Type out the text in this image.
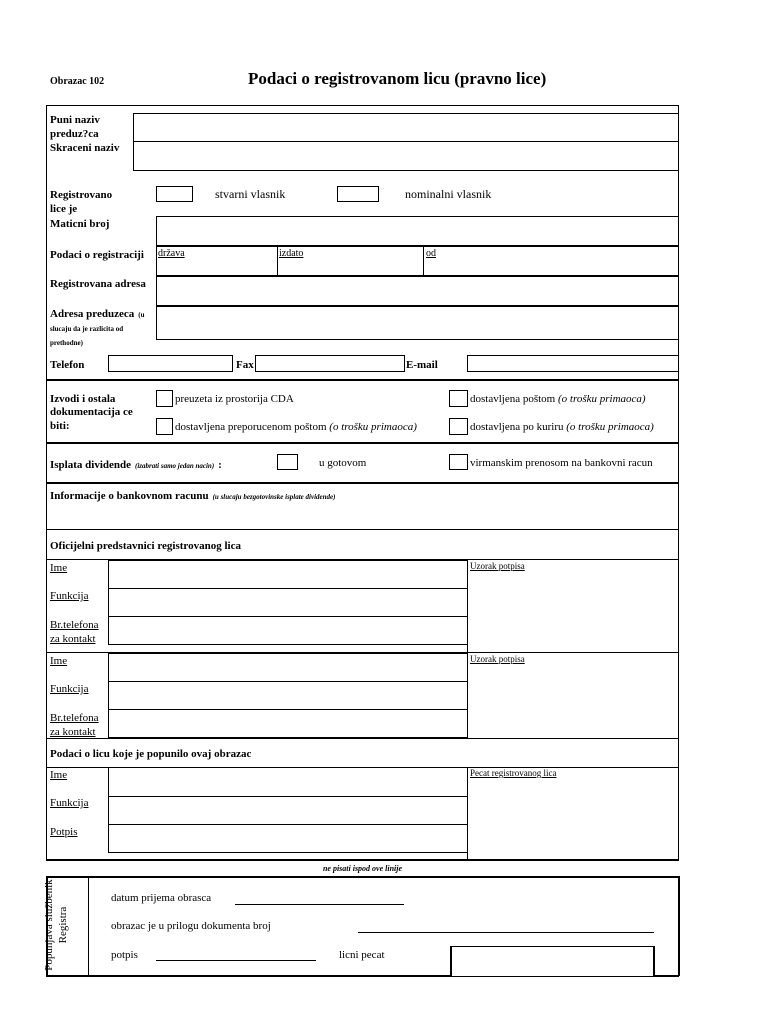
Obrazac 102	Podaci o registrovanom licu (pravno lice)
Puni naziv
preduz?ca
Skraceni naziv
Registrovano
lice je
stvarni vlasnik	nominalni vlasnik
Maticni broj
Podaci o registraciji država	izdato	od
Registrovana adresa
Adresa preduzeca (u
slucaju da je razlicita od
prethodne)
Telefon	Fax	E-mail
Izvodi i ostala
dokumentacija ce
biti:
preuzeta iz prostorija CDA	dostavljena poštom (o trošku primaoca)
dostavljena preporucenom poštom (o trošku primaoca)	dostavljena po kuriru (o trošku primaoca)
Isplata dividende (izabrati samo jedan nacin) :	u gotovom	virmanskim prenosom na bankovni racun
Informacije o bankovnom racunu (u slucaju bezgotovinske isplate dividende)
Oficijelni predstavnici registrovanog lica
Ime
Funkcija
Br.telefona
za kontakt
Uzorak potpisa
Ime
Funkcija
Br.telefona
za kontakt
Uzorak potpisa
Podaci o licu koje je popunilo ovaj obrazac
Ime
Funkcija
Potpis
Pecat registrovanog lica
ne pisati ispod ove linije
Popunjava službenik Registra
datum prijema obrasca
obrazac je u prilogu dokumenta broj
potpis	licni pecat
